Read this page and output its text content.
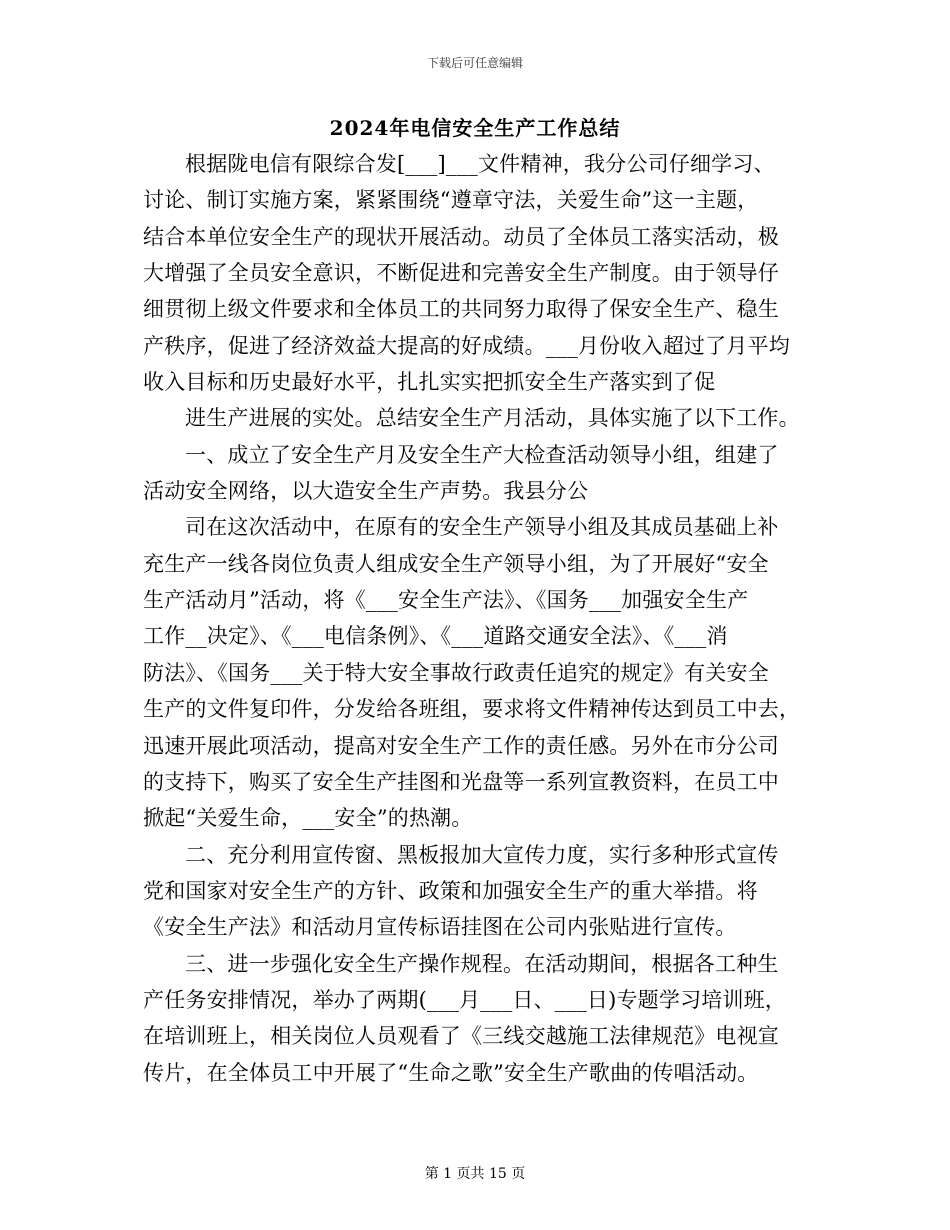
下载后可任意编辑
2024年电信安全生产工作总结
根据陇电信有限综合发[___]___文件精神，我分公司仔细学习、
讨论、制订实施方案，紧紧围绕“遵章守法，关爱生命”这一主题，
结合本单位安全生产的现状开展活动。动员了全体员工落实活动，极
大增强了全员安全意识，不断促进和完善安全生产制度。由于领导仔
细贯彻上级文件要求和全体员工的共同努力取得了保安全生产、稳生
产秩序，促进了经济效益大提高的好成绩。___月份收入超过了月平均
收入目标和历史最好水平，扎扎实实把抓安全生产落实到了促
进生产进展的实处。总结安全生产月活动，具体实施了以下工作。
一、成立了安全生产月及安全生产大检查活动领导小组，组建了
活动安全网络，以大造安全生产声势。我县分公
司在这次活动中，在原有的安全生产领导小组及其成员基础上补
充生产一线各岗位负责人组成安全生产领导小组，为了开展好“安全
生产活动月”活动，将《___安全生产法》、《国务___加强安全生产
工作__决定》、《___电信条例》、《___道路交通安全法》、《___消
防法》、《国务___关于特大安全事故行政责任追究的规定》有关安全
生产的文件复印件，分发给各班组，要求将文件精神传达到员工中去，
迅速开展此项活动，提高对安全生产工作的责任感。另外在市分公司
的支持下，购买了安全生产挂图和光盘等一系列宣教资料，在员工中
掀起“关爱生命，___安全”的热潮。
二、充分利用宣传窗、黑板报加大宣传力度，实行多种形式宣传
党和国家对安全生产的方针、政策和加强安全生产的重大举措。将
《安全生产法》和活动月宣传标语挂图在公司内张贴进行宣传。
三、进一步强化安全生产操作规程。在活动期间，根据各工种生
产任务安排情况，举办了两期(___月___日、___日)专题学习培训班，
在培训班上，相关岗位人员观看了《三线交越施工法律规范》电视宣
传片，在全体员工中开展了“生命之歌”安全生产歌曲的传唱活动。
第 1 页共 15 页
